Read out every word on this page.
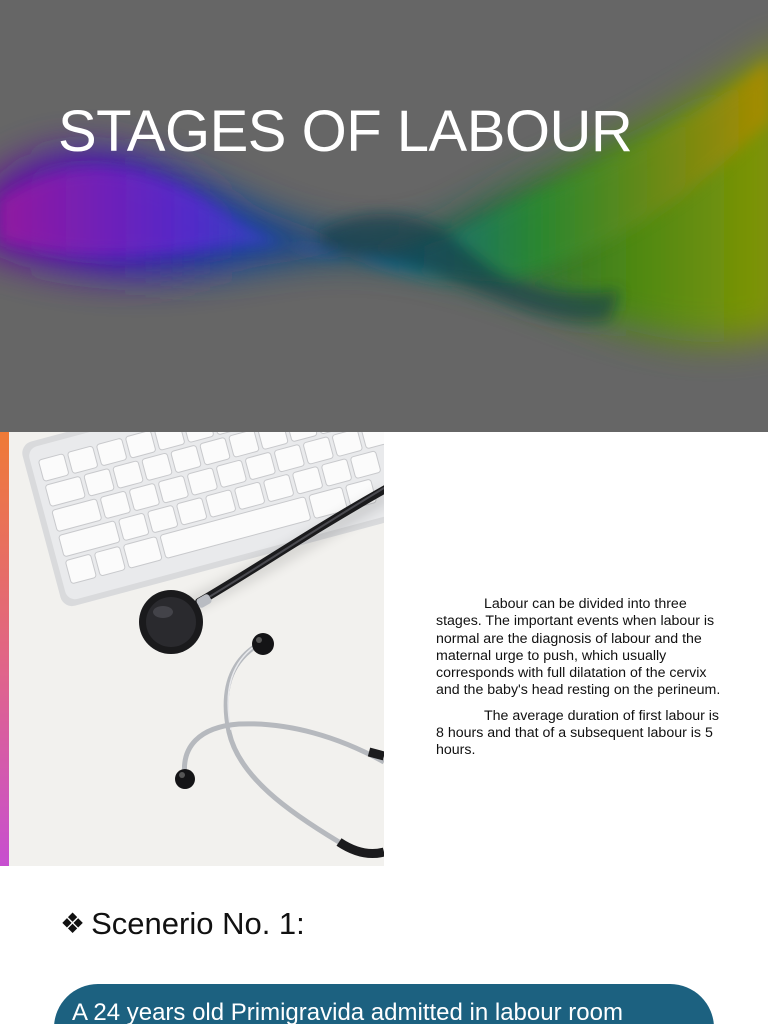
STAGES OF LABOUR

Labour can be divided into three stages. The important events when labour is normal are the diagnosis of labour and the maternal urge to push, which usually corresponds with full dilatation of the cervix and the baby's head resting on the perineum.

The average duration of first labour is 8 hours and that of a subsequent labour is 5 hours.

❖ Scenerio No. 1:
A 24 years old Primigravida admitted in labour room
